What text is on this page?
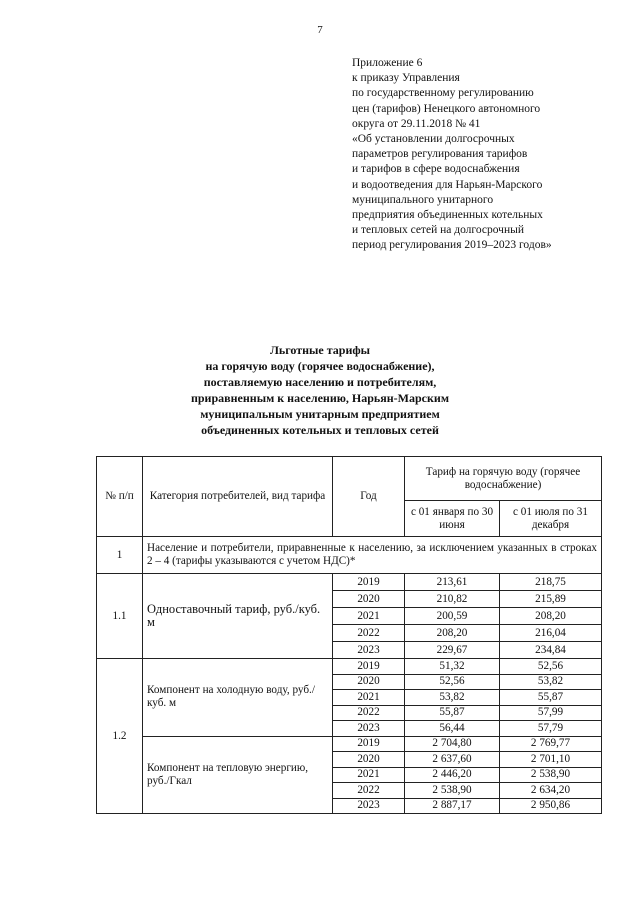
7
Приложение 6
к приказу Управления
по государственному регулированию
цен (тарифов) Ненецкого автономного
округа от 29.11.2018 № 41
«Об установлении долгосрочных
параметров регулирования тарифов
и тарифов в сфере водоснабжения
и водоотведения для Нарьян-Марского
муниципального унитарного
предприятия объединенных котельных
и тепловых сетей на долгосрочный
период регулирования 2019–2023 годов»
Льготные тарифы
на горячую воду (горячее водоснабжение),
поставляемую населению и потребителям,
приравненным к населению, Нарьян-Марским
муниципальным унитарным предприятием
объединенных котельных и тепловых сетей
№ п/п	Категория потребителей, вид тарифа	Год	Тариф на горячую воду (горячее водоснабжение)	
			с 01 января по 30 июня	с 01 июля по 31 декабря
1	Население и потребители, приравненные к населению, за исключением указанных в строках 2 – 4 (тарифы указываются с учетом НДС)*			
1.1	Одноставочный тариф, руб./куб. м	2019	213,61	218,75
		2020	210,82	215,89
		2021	200,59	208,20
		2022	208,20	216,04
		2023	229,67	234,84
1.2	Компонент на холодную воду, руб./куб. м	2019	51,32	52,56
		2020	52,56	53,82
		2021	53,82	55,87
		2022	55,87	57,99
		2023	56,44	57,79
	Компонент на тепловую энергию, руб./Гкал	2019	2 704,80	2 769,77
		2020	2 637,60	2 701,10
		2021	2 446,20	2 538,90
		2022	2 538,90	2 634,20
		2023	2 887,17	2 950,86
